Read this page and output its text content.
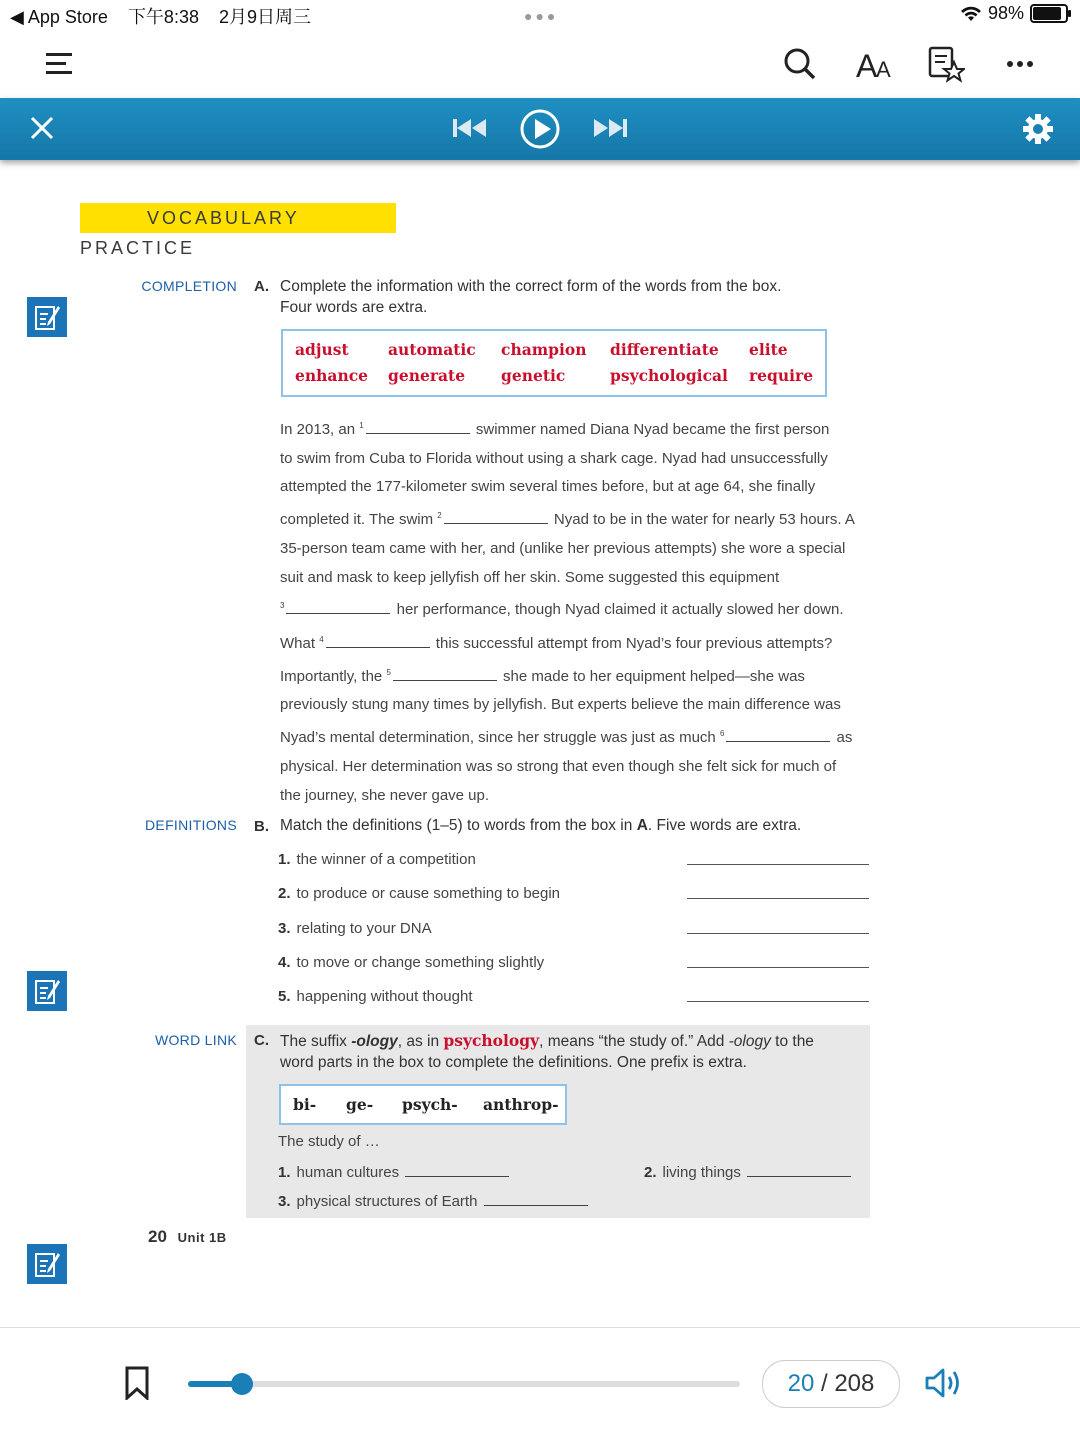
◀ App Store 下午8:38 2月9日周三	●●●	98%
A
A
VOCABULARY PRACTICE
COMPLETION A. Complete the information with the correct form of the words from the box.
Four words are extra.
adjust	automatic champion differentiate elite
enhance generate genetic	psychological require
In 2013, an $^1$	swimmer named Diana Nyad became the first person
to swim from Cuba to Florida without using a shark cage. Nyad had unsuccessfully
attempted the 177-kilometer swim several times before, but at age 64, she finally
completed it. The swim $^2$	Nyad to be in the water for nearly 53 hours. A
35-person team came with her, and (unlike her previous attempts) she wore a special
suit and mask to keep jellyfish off her skin. Some suggested this equipment
$^3$	her performance, though Nyad claimed it actually slowed her down.
What $^4$	this successful attempt from Nyad’s four previous attempts?
Importantly, the $^5$	she made to her equipment helped—she was
previously stung many times by jellyfish. But experts believe the main difference was
Nyad’s mental determination, since her struggle was just as much $^6$	as
physical. Her determination was so strong that even though she felt sick for much of
the journey, she never gave up.
DEFINITIONS B. Match the definitions (1–5) to words from the box in A. Five words are extra.
1. the winner of a competition
2. to produce or cause something to begin
3. relating to your DNA
4. to move or change something slightly
5. happening without thought
WORD LINK C. The suffix -ology, as in psychology, means “the study of.” Add -ology to the
word parts in the box to complete the definitions. One prefix is extra.
bi- ge- psych- anthrop-
The study of …
1. human cultures	2. living things
3. physical structures of Earth
20 Unit 1B
20 / 208
